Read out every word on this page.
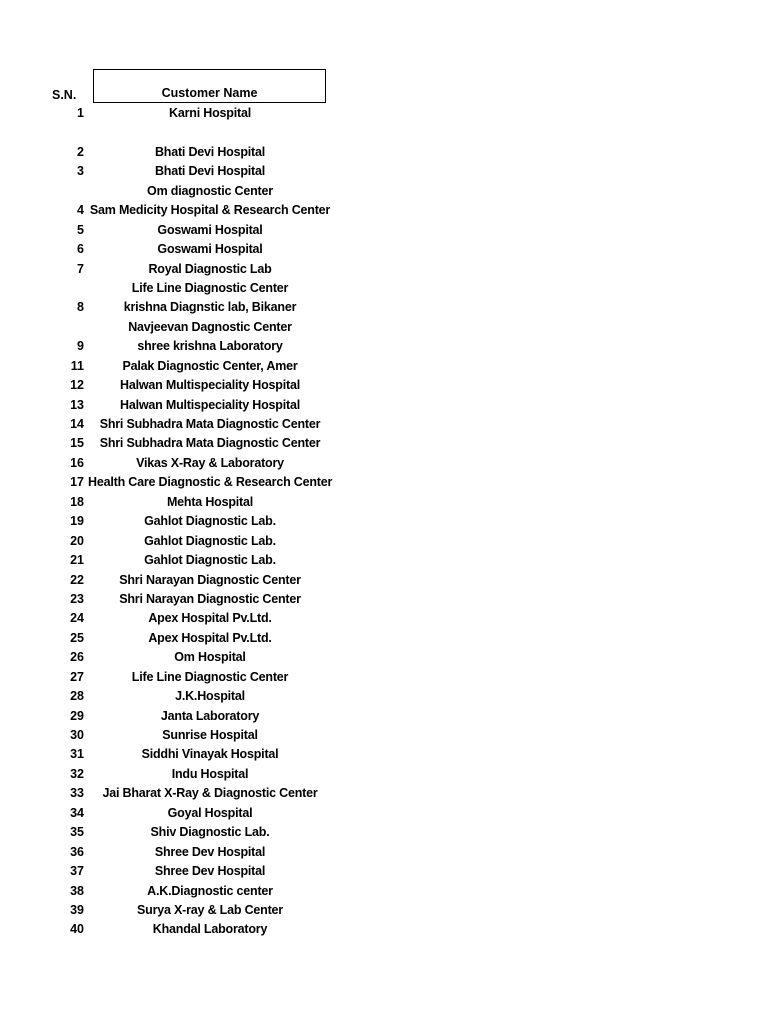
S.N.	Customer Name
1	Karni Hospital
2	Bhati Devi Hospital
3	Bhati Devi Hospital
Om diagnostic Center
4 Sam Medicity Hospital & Research Center
5	Goswami Hospital
6	Goswami Hospital
7	Royal Diagnostic Lab
Life Line Diagnostic Center
8	krishna Diagnstic lab, Bikaner
Navjeevan Dagnostic Center
9	shree krishna Laboratory
11	Palak Diagnostic Center, Amer
12	Halwan Multispeciality Hospital
13	Halwan Multispeciality Hospital
14	Shri Subhadra Mata Diagnostic Center
15	Shri Subhadra Mata Diagnostic Center
16	Vikas X-Ray & Laboratory
17 Health Care Diagnostic & Research Center
18	Mehta Hospital
19	Gahlot Diagnostic Lab.
20	Gahlot Diagnostic Lab.
21	Gahlot Diagnostic Lab.
22	Shri Narayan Diagnostic Center
23	Shri Narayan Diagnostic Center
24	Apex Hospital Pv.Ltd.
25	Apex Hospital Pv.Ltd.
26	Om Hospital
27	Life Line Diagnostic Center
28	J.K.Hospital
29	Janta Laboratory
30	Sunrise Hospital
31	Siddhi Vinayak Hospital
32	Indu Hospital
33	Jai Bharat X-Ray & Diagnostic Center
34	Goyal Hospital
35	Shiv Diagnostic Lab.
36	Shree Dev Hospital
37	Shree Dev Hospital
38	A.K.Diagnostic center
39	Surya X-ray & Lab Center
40	Khandal Laboratory
